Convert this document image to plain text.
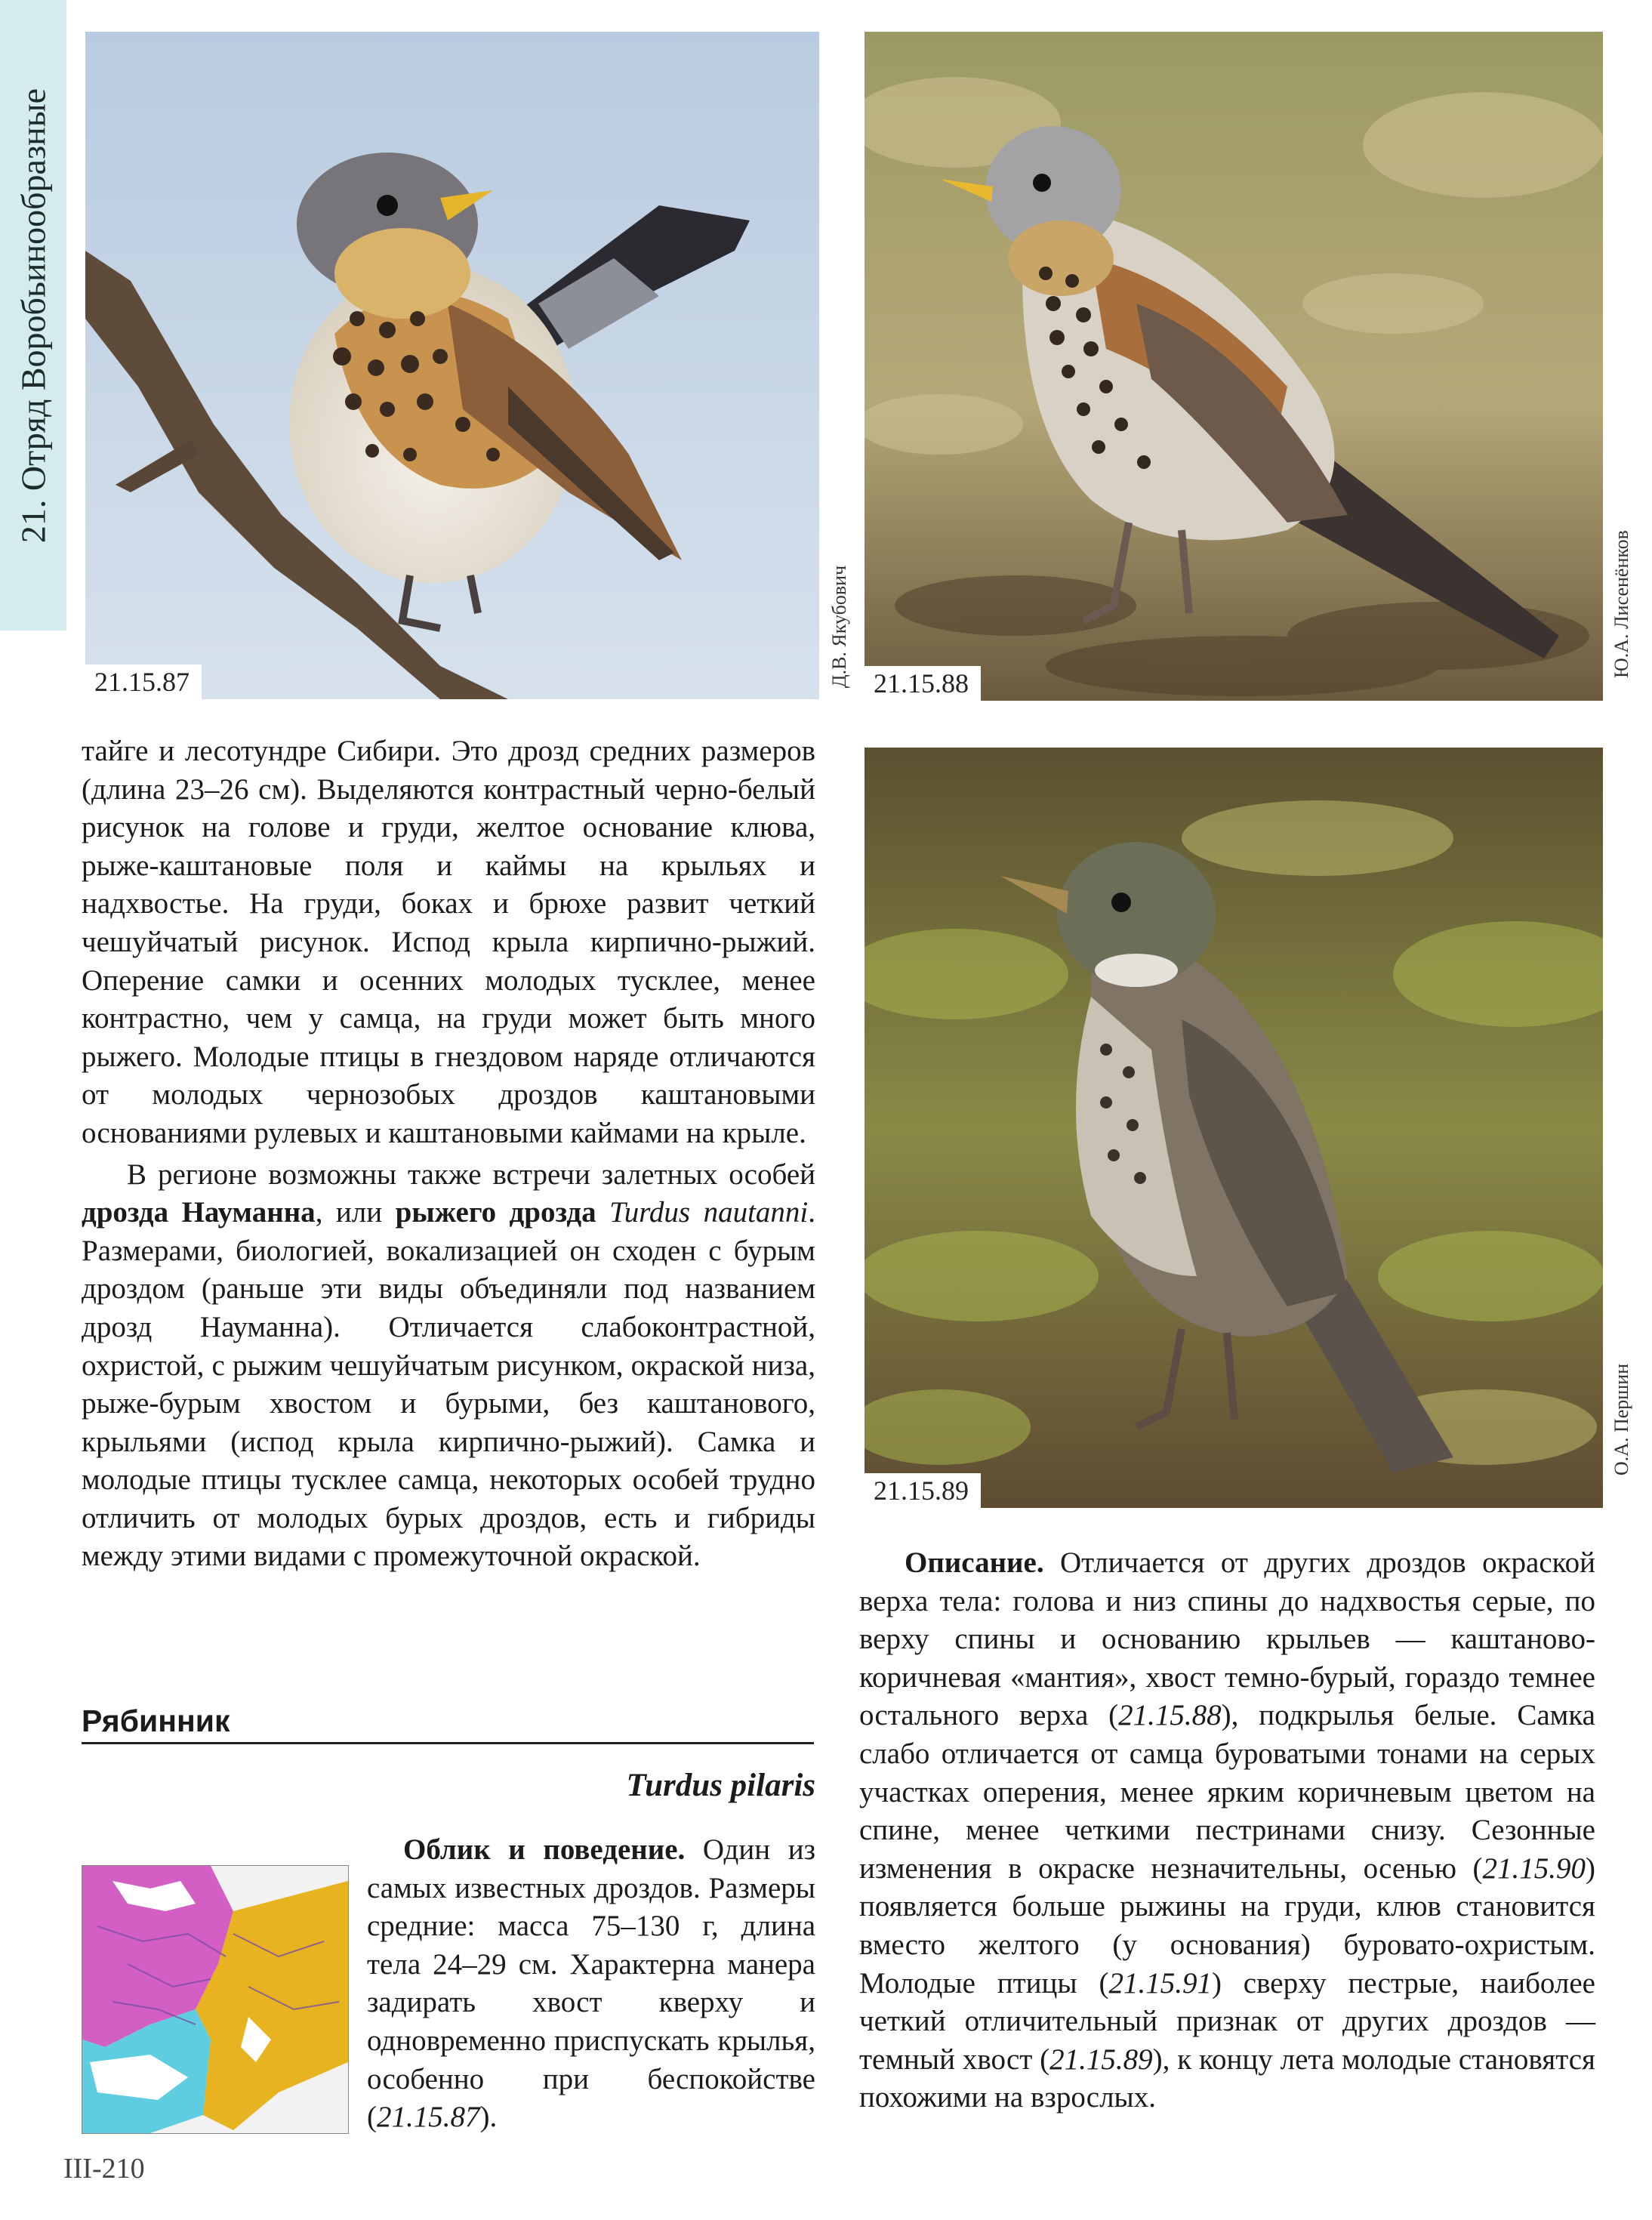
21. Отряд Воробьинообразные
21.15.87	21.15.88
Д.В. Якубович	Ю.А. Лисенёнков
21.15.89
О.А. Першин

тайге и лесотундре Сибири. Это дрозд средних размеров (длина 23–26 см). Выделяются контрастный черно-белый рисунок на голове и груди, желтое основание клюва, рыже-каштановые поля и каймы на крыльях и надхвостье. На груди, боках и брюхе развит четкий чешуйчатый рисунок. Испод крыла кирпично-рыжий. Оперение самки и осенних молодых тусклее, менее контрастно, чем у самца, на груди может быть много рыжего. Молодые птицы в гнездовом наряде отличаются от молодых чернозобых дроздов каштановыми основаниями рулевых и каштановыми каймами на крыле.

В регионе возможны также встречи залетных особей дрозда Науманна, или рыжего дрозда Turdus nautanni. Размерами, биологией, вокализацией он сходен с бурым дроздом (раньше эти виды объединяли под названием дрозд Науманна). Отличается слабоконтрастной, охристой, с рыжим чешуйчатым рисунком, окраской низа, рыже-бурым хвостом и бурыми, без каштанового, крыльями (испод крыла кирпично-рыжий). Самка и молодые птицы тусклее самца, некоторых особей трудно отличить от молодых бурых дроздов, есть и гибриды между этими видами с промежуточной окраской.

Рябинник
Turdus pilaris

Облик и поведение. Один из самых известных дроздов. Размеры средние: масса 75–130 г, длина тела 24–29 см. Характерна манера задирать хвост кверху и одновременно приспускать крылья, особенно при беспокойстве (21.15.87).

Описание. Отличается от других дроздов окраской верха тела: голова и низ спины до надхвостья серые, по верху спины и основанию крыльев — каштаново-коричневая «мантия», хвост темно-бурый, гораздо темнее остального верха (21.15.88), подкрылья белые. Самка слабо отличается от самца буроватыми тонами на серых участках оперения, менее ярким коричневым цветом на спине, менее четкими пестринами снизу. Сезонные изменения в окраске незначительны, осенью (21.15.90) появляется больше рыжины на груди, клюв становится вместо желтого (у основания) буровато-охристым. Молодые птицы (21.15.91) сверху пестрые, наиболее четкий отличительный признак от других дроздов — темный хвост (21.15.89), к концу лета молодые становятся похожими на взрослых.

III-210
